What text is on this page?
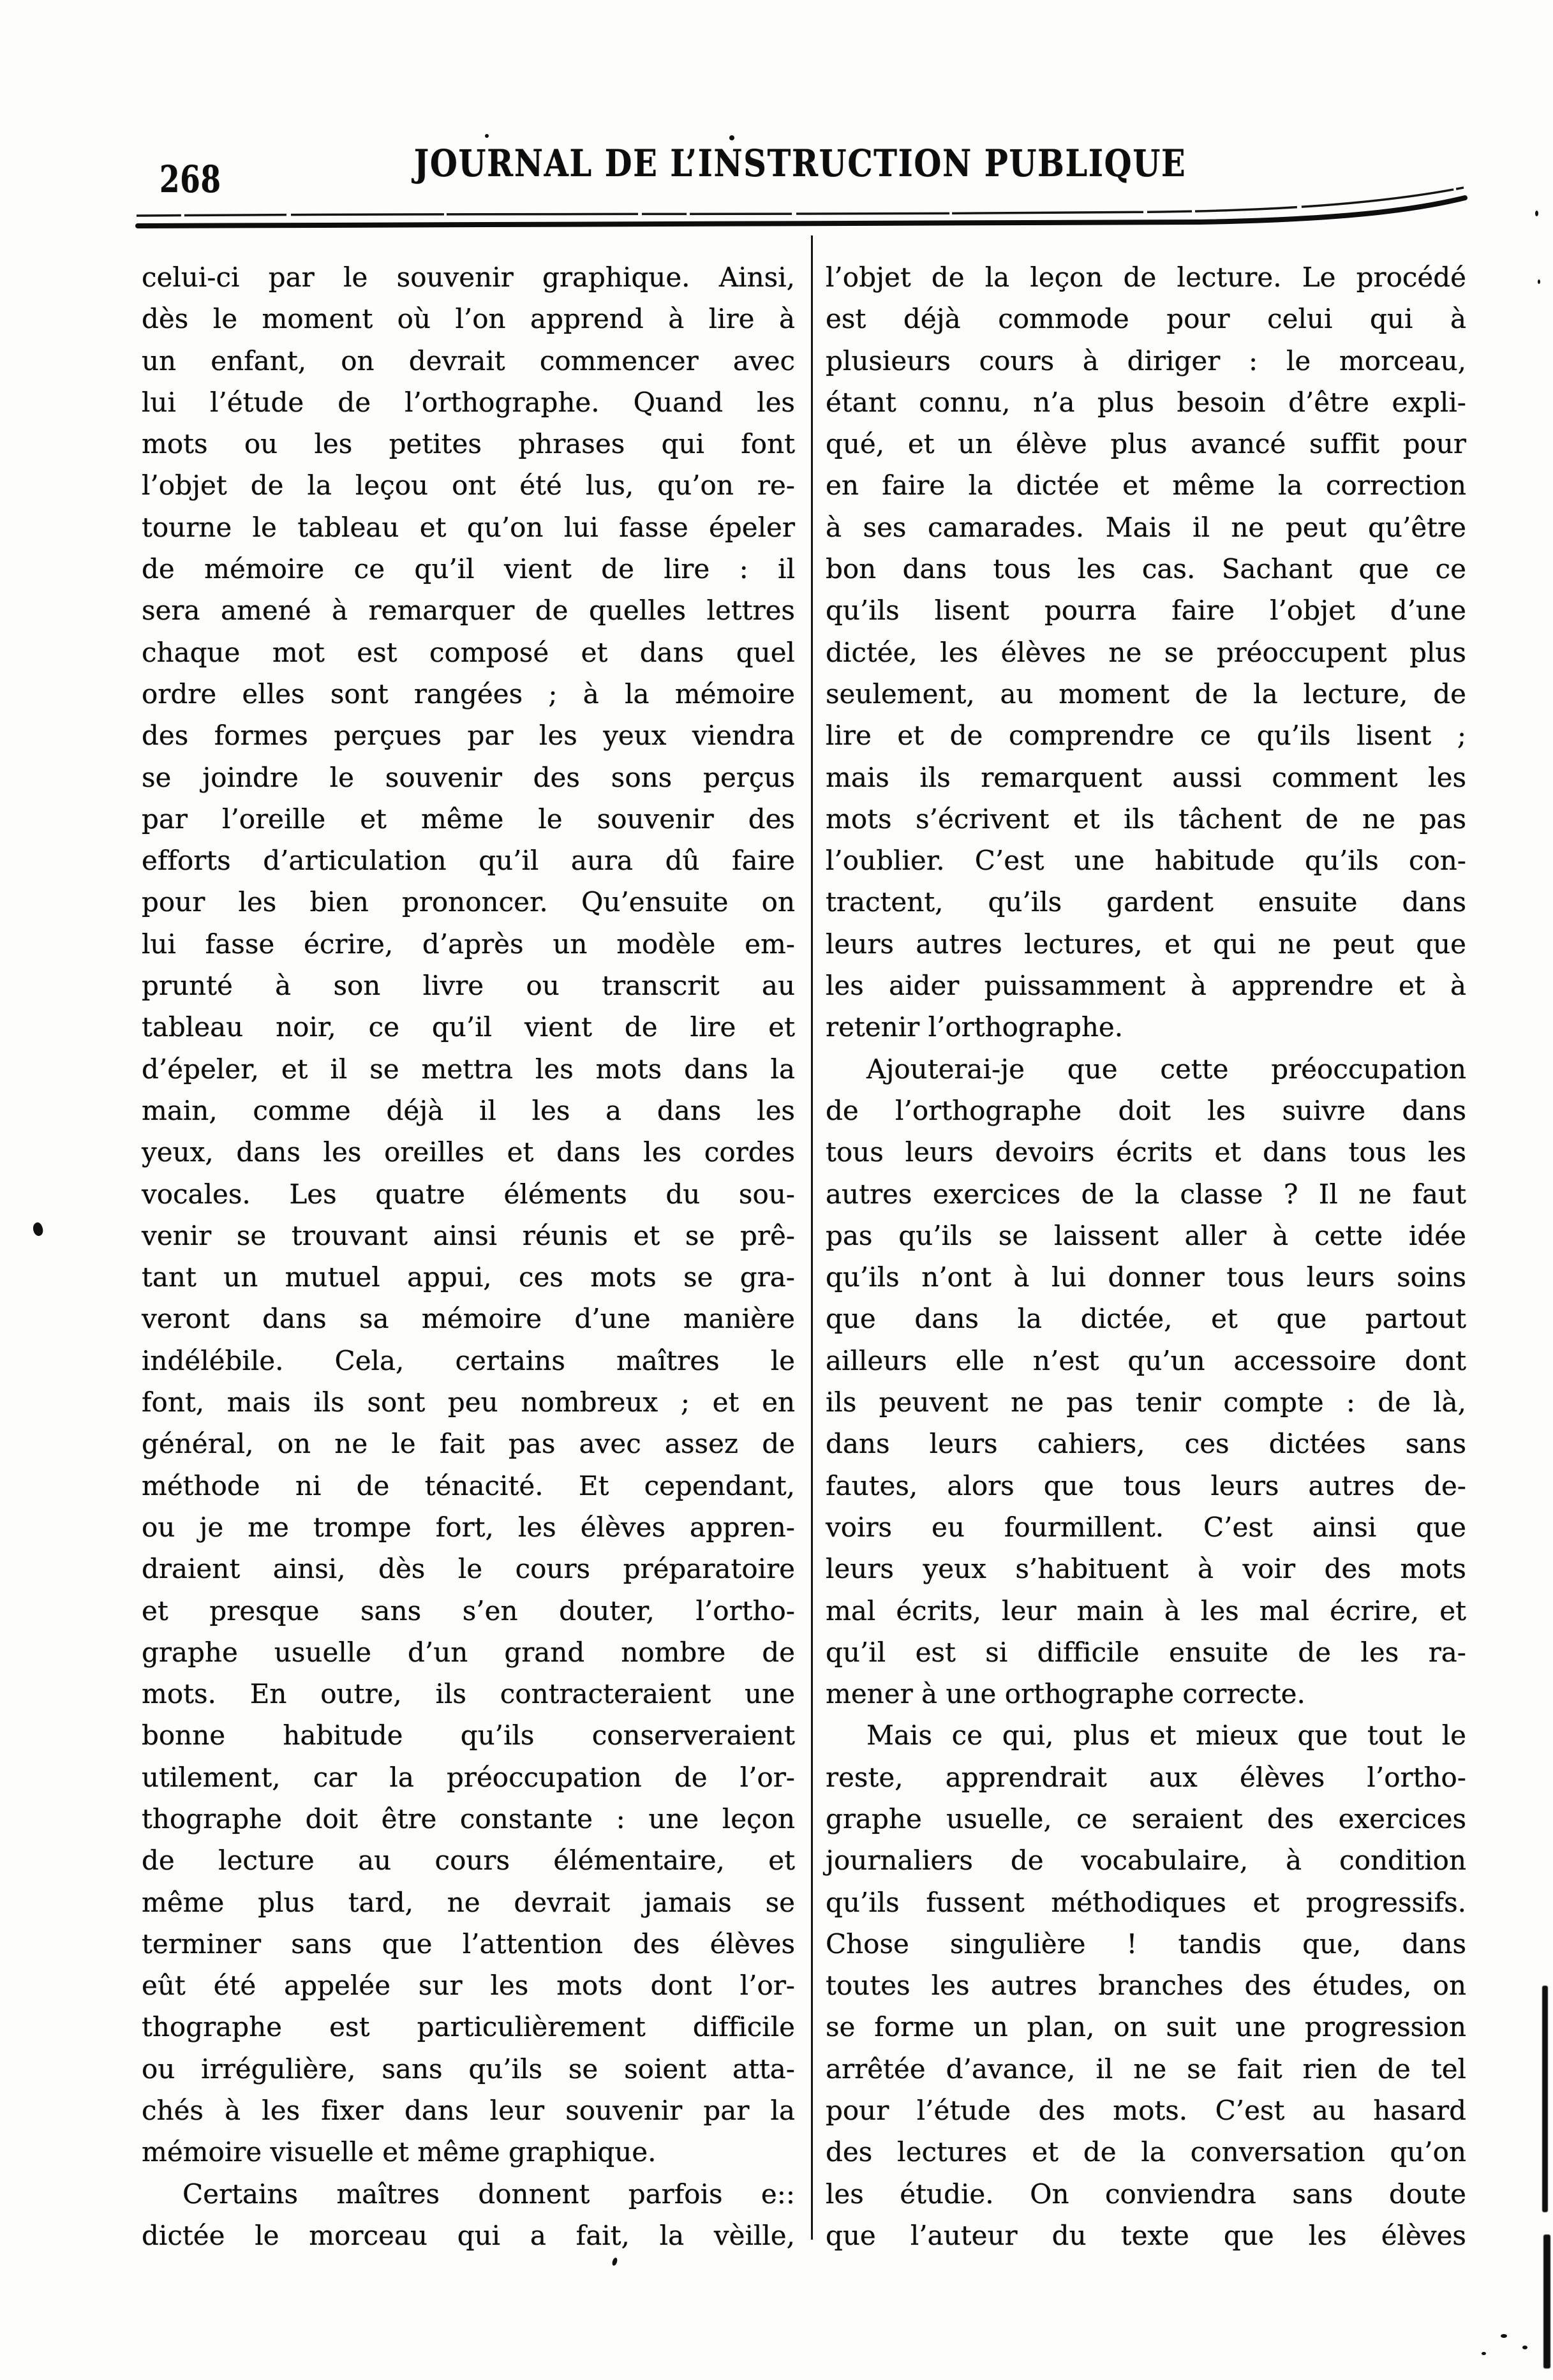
268	JOURNAL DE L’INSTRUCTION PUBLIQUE
celui-ci par le souvenir graphique. Ainsi,
dès le moment où l’on apprend à lire à
un enfant, on devrait commencer avec
lui l’étude de l’orthographe. Quand les
mots ou les petites phrases qui font
l’objet de la leçou ont été lus, qu’on re-
tourne le tableau et qu’on lui fasse épeler
de mémoire ce qu’il vient de lire : il
sera amené à remarquer de quelles lettres
chaque mot est composé et dans quel
ordre elles sont rangées ; à la mémoire
des formes perçues par les yeux viendra
se joindre le souvenir des sons perçus
par l’oreille et même le souvenir des
efforts d’articulation qu’il aura dû faire
pour les bien prononcer. Qu’ensuite on
lui fasse écrire, d’après un modèle em-
prunté à son livre ou transcrit au
tableau noir, ce qu’il vient de lire et
d’épeler, et il se mettra les mots dans la
main, comme déjà il les a dans les
yeux, dans les oreilles et dans les cordes
vocales. Les quatre éléments du sou-
venir se trouvant ainsi réunis et se prê-
tant un mutuel appui, ces mots se gra-
veront dans sa mémoire d’une manière
indélébile. Cela, certains maîtres le
font, mais ils sont peu nombreux ; et en
général, on ne le fait pas avec assez de
méthode ni de ténacité. Et cependant,
ou je me trompe fort, les élèves appren-
draient ainsi, dès le cours préparatoire
et presque sans s’en douter, l’ortho-
graphe usuelle d’un grand nombre de
mots. En outre, ils contracteraient une
bonne habitude qu’ils conserveraient
utilement, car la préoccupation de l’or-
thographe doit être constante : une leçon
de lecture au cours élémentaire, et
même plus tard, ne devrait jamais se
terminer sans que l’attention des élèves
eût été appelée sur les mots dont l’or-
thographe est particulièrement difficile
ou irrégulière, sans qu’ils se soient atta-
chés à les fixer dans leur souvenir par la
mémoire visuelle et même graphique.
Certains maîtres donnent parfois e::
dictée le morceau qui a fait, la vèille,
l’objet de la leçon de lecture. Le procédé
est déjà commode pour celui qui à
plusieurs cours à diriger : le morceau,
étant connu, n’a plus besoin d’être expli-
qué, et un élève plus avancé suffit pour
en faire la dictée et même la correction
à ses camarades. Mais il ne peut qu’être
bon dans tous les cas. Sachant que ce
qu’ils lisent pourra faire l’objet d’une
dictée, les élèves ne se préoccupent plus
seulement, au moment de la lecture, de
lire et de comprendre ce qu’ils lisent ;
mais ils remarquent aussi comment les
mots s’écrivent et ils tâchent de ne pas
l’oublier. C’est une habitude qu’ils con-
tractent, qu’ils gardent ensuite dans
leurs autres lectures, et qui ne peut que
les aider puissamment à apprendre et à
retenir l’orthographe.
Ajouterai-je que cette préoccupation
de l’orthographe doit les suivre dans
tous leurs devoirs écrits et dans tous les
autres exercices de la classe ? Il ne faut
pas qu’ils se laissent aller à cette idée
qu’ils n’ont à lui donner tous leurs soins
que dans la dictée, et que partout
ailleurs elle n’est qu’un accessoire dont
ils peuvent ne pas tenir compte : de là,
dans leurs cahiers, ces dictées sans
fautes, alors que tous leurs autres de-
voirs eu fourmillent. C’est ainsi que
leurs yeux s’habituent à voir des mots
mal écrits, leur main à les mal écrire, et
qu’il est si difficile ensuite de les ra-
mener à une orthographe correcte.
Mais ce qui, plus et mieux que tout le
reste, apprendrait aux élèves l’ortho-
graphe usuelle, ce seraient des exercices
journaliers de vocabulaire, à condition
qu’ils fussent méthodiques et progressifs.
Chose singulière ! tandis que, dans
toutes les autres branches des études, on
se forme un plan, on suit une progression
arrêtée d’avance, il ne se fait rien de tel
pour l’étude des mots. C’est au hasard
des lectures et de la conversation qu’on
les étudie. On conviendra sans doute
que l’auteur du texte que les élèves
